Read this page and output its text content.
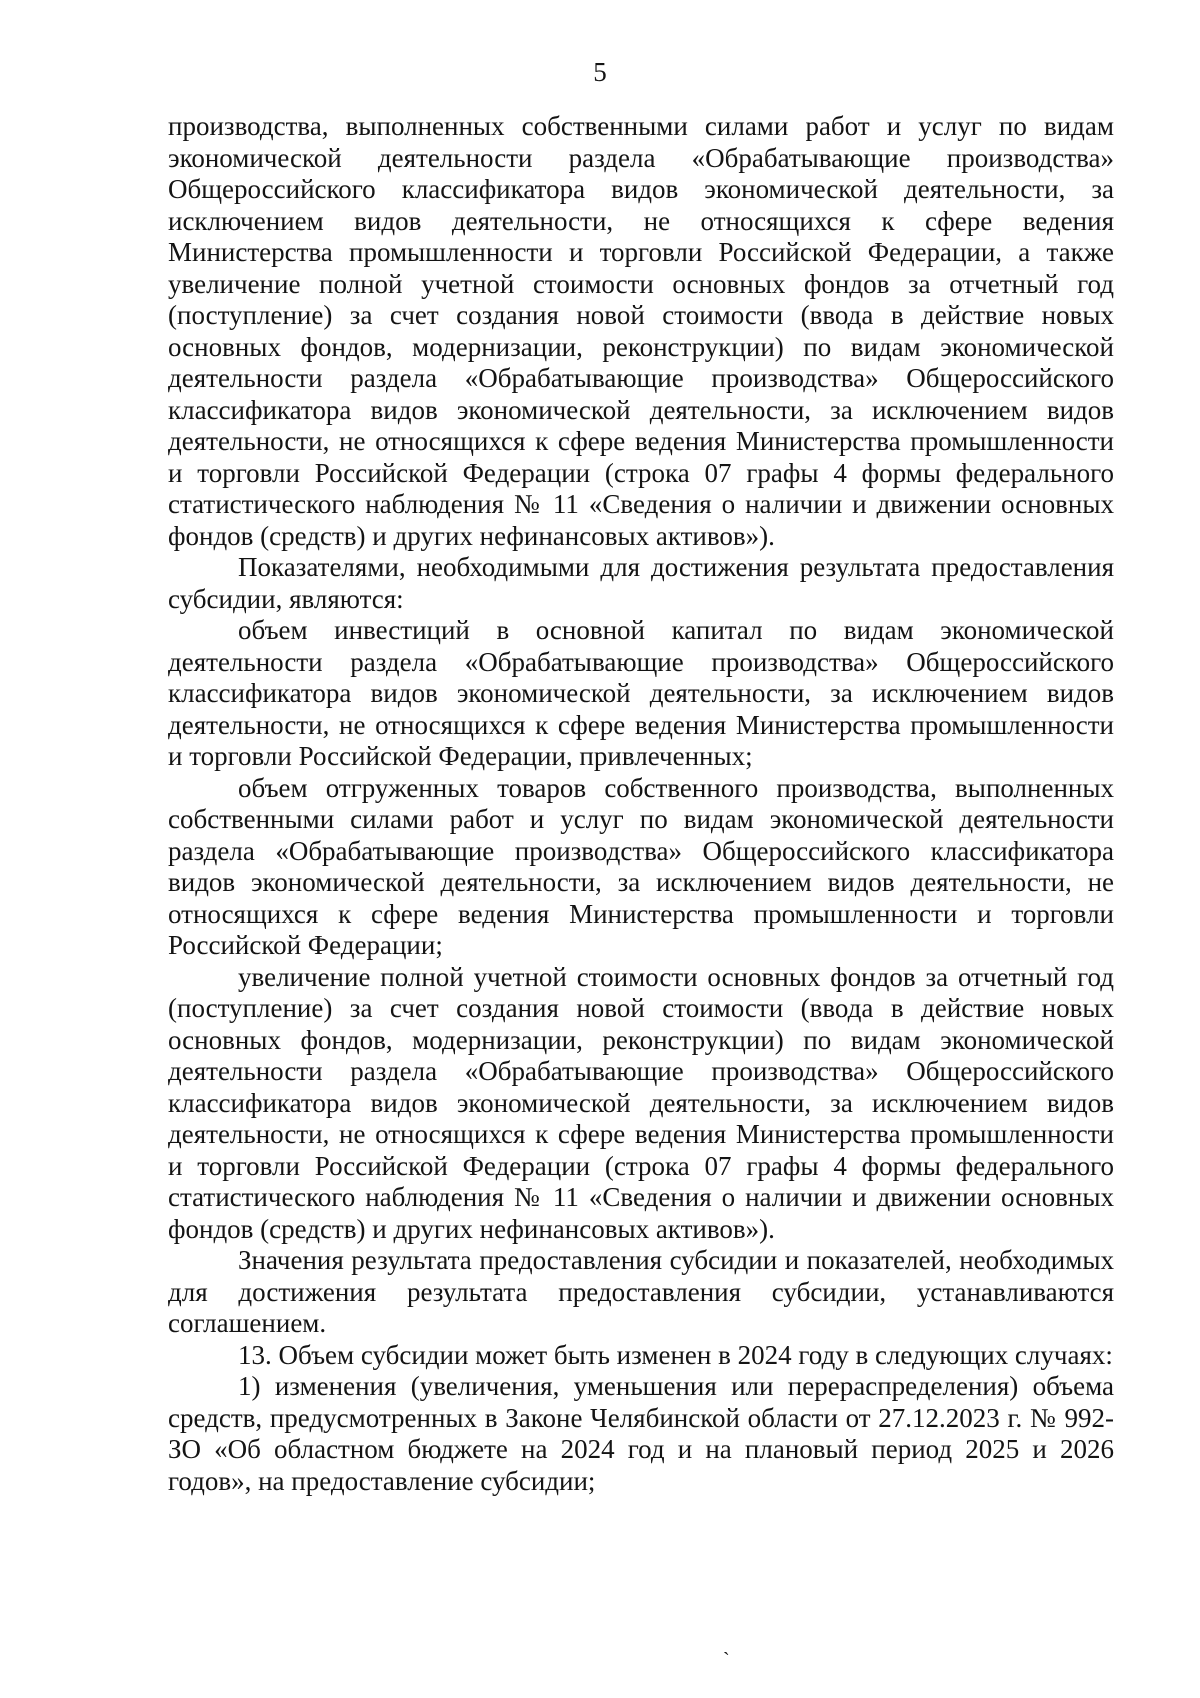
5

производства, выполненных собственными силами работ и услуг по видам экономической деятельности раздела «Обрабатывающие производства» Общероссийского классификатора видов экономической деятельности, за исключением видов деятельности, не относящихся к сфере ведения Министерства промышленности и торговли Российской Федерации, а также увеличение полной учетной стоимости основных фондов за отчетный год (поступление) за счет создания новой стоимости (ввода в действие новых основных фондов, модернизации, реконструкции) по видам экономической деятельности раздела «Обрабатывающие производства» Общероссийского классификатора видов экономической деятельности, за исключением видов деятельности, не относящихся к сфере ведения Министерства промышленности и торговли Российской Федерации (строка 07 графы 4 формы федерального статистического наблюдения № 11 «Сведения о наличии и движении основных фондов (средств) и других нефинансовых активов»).

Показателями, необходимыми для достижения результата предоставления субсидии, являются:

объем инвестиций в основной капитал по видам экономической деятельности раздела «Обрабатывающие производства» Общероссийского классификатора видов экономической деятельности, за исключением видов деятельности, не относящихся к сфере ведения Министерства промышленности и торговли Российской Федерации, привлеченных;

объем отгруженных товаров собственного производства, выполненных собственными силами работ и услуг по видам экономической деятельности раздела «Обрабатывающие производства» Общероссийского классификатора видов экономической деятельности, за исключением видов деятельности, не относящихся к сфере ведения Министерства промышленности и торговли Российской Федерации;

увеличение полной учетной стоимости основных фондов за отчетный год (поступление) за счет создания новой стоимости (ввода в действие новых основных фондов, модернизации, реконструкции) по видам экономической деятельности раздела «Обрабатывающие производства» Общероссийского классификатора видов экономической деятельности, за исключением видов деятельности, не относящихся к сфере ведения Министерства промышленности и торговли Российской Федерации (строка 07 графы 4 формы федерального статистического наблюдения № 11 «Сведения о наличии и движении основных фондов (средств) и других нефинансовых активов»).

Значения результата предоставления субсидии и показателей, необходимых для достижения результата предоставления субсидии, устанавливаются соглашением.

13. Объем субсидии может быть изменен в 2024 году в следующих случаях:

1) изменения (увеличения, уменьшения или перераспределения) объема средств, предусмотренных в Законе Челябинской области от 27.12.2023 г. № 992-ЗО «Об областном бюджете на 2024 год и на плановый период 2025 и 2026 годов», на предоставление субсидии;

`
